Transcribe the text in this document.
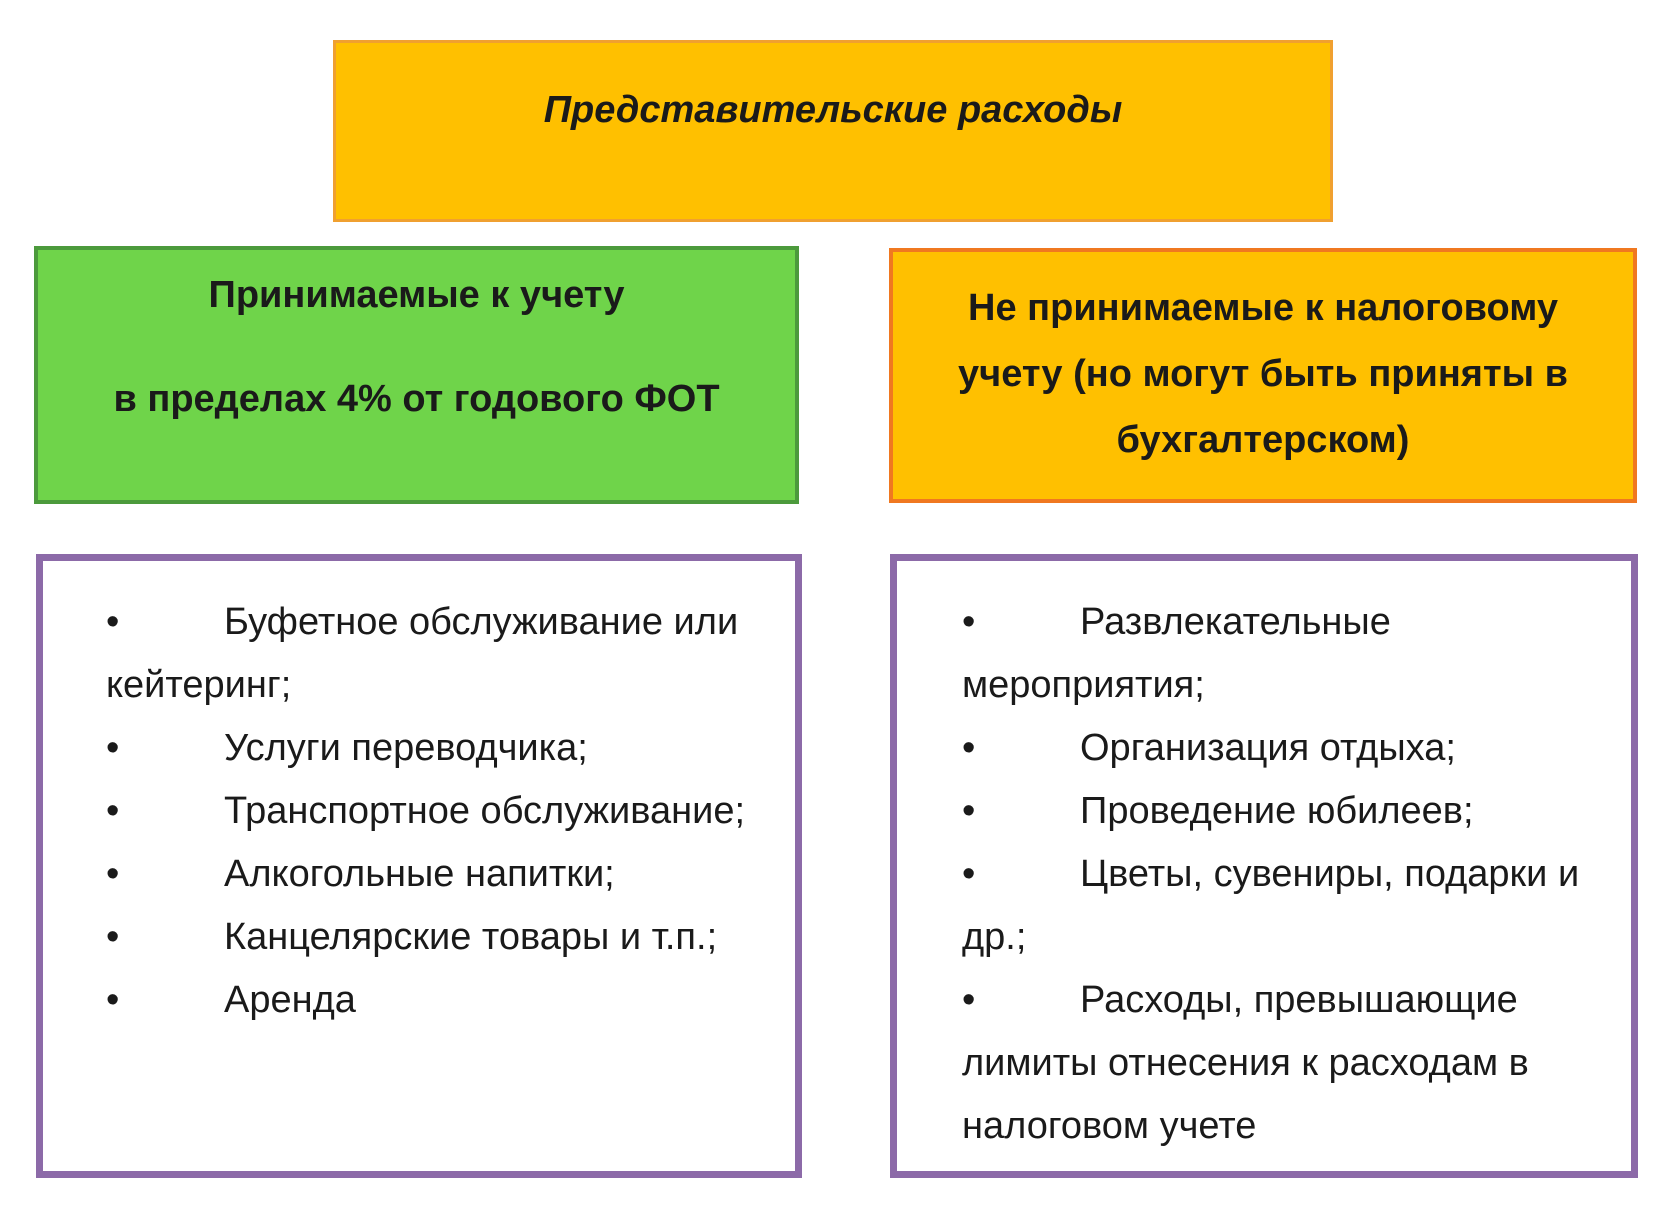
Представительские расходы
Принимаемые к учету
в пределах 4% от годового ФОТ
Не принимаемые к налоговому учету (но могут быть приняты в бухгалтерском)
•	Буфетное обслуживание или кейтеринг;
•	Услуги переводчика;
•	Транспортное обслуживание;
•	Алкогольные напитки;
•	Канцелярские товары и т.п.;
•	Аренда
•	Развлекательные мероприятия;
•	Организация отдыха;
•	Проведение юбилеев;
•	Цветы, сувениры, подарки и др.;
•	Расходы, превышающие лимиты отнесения к расходам в налоговом учете
